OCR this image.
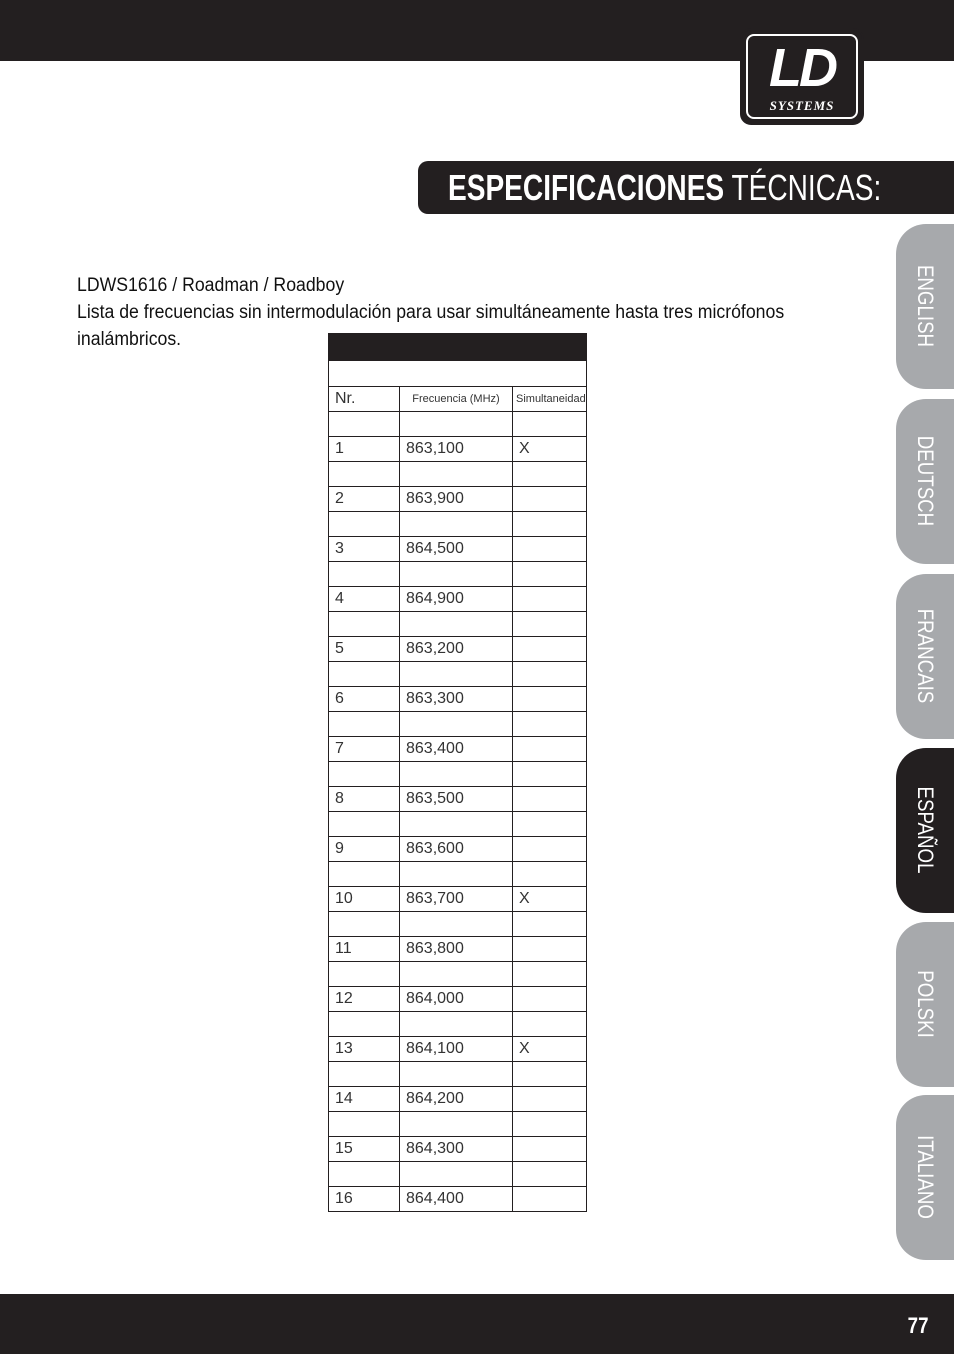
LD
SYSTEMS
ESPECIFICACIONES TÉCNICAS:
LDWS1616 / Roadman / Roadboy
Lista de frecuencias sin intermodulación para usar simultáneamente hasta tres micrófonos
inalámbricos.

Nr.	Frecuencia (MHz)	Simultaneidad

1	863,100	X

2	863,900	

3	864,500	

4	864,900	

5	863,200	

6	863,300	

7	863,400	

8	863,500	

9	863,600	

10	863,700	X

11	863,800	

12	864,000	

13	864,100	X

14	864,200	

15	864,300	

16	864,400	
ENGLISH
DEUTSCH
FRANCAIS
ESPAÑOL
POLSKI
ITALIANO
77
